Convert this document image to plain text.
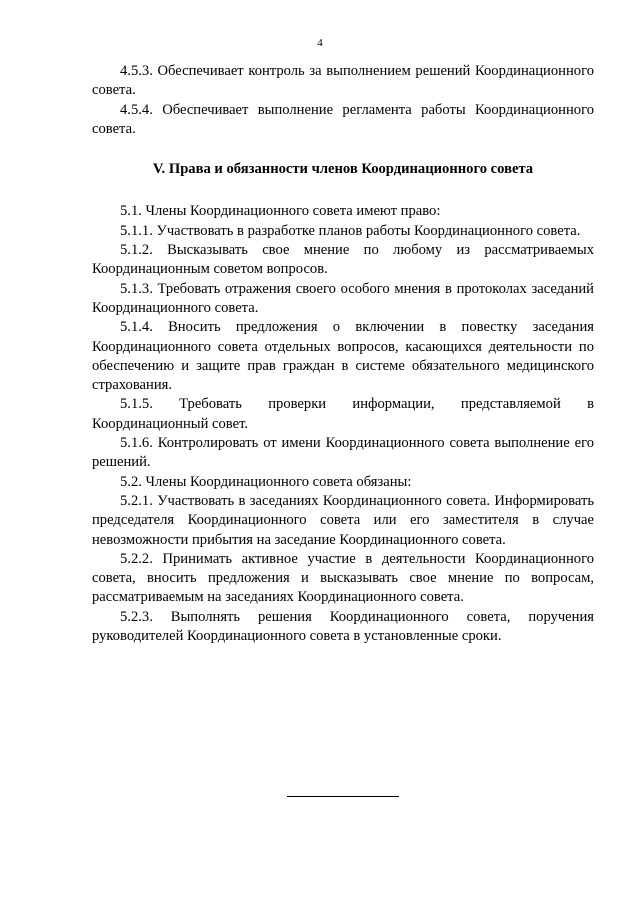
4

4.5.3. Обеспечивает контроль за выполнением решений Координационного совета.

4.5.4. Обеспечивает выполнение регламента работы Координационного совета.

V. Права и обязанности членов Координационного совета

5.1. Члены Координационного совета имеют право:

5.1.1. Участвовать в разработке планов работы Координационного совета.

5.1.2. Высказывать свое мнение по любому из рассматриваемых Координационным советом вопросов.

5.1.3. Требовать отражения своего особого мнения в протоколах заседаний Координационного совета.

5.1.4. Вносить предложения о включении в повестку заседания Координационного совета отдельных вопросов, касающихся деятельности по обеспечению и защите прав граждан в системе обязательного медицинского страхования.

5.1.5. Требовать проверки информации, представляемой в Координационный совет.

5.1.6. Контролировать от имени Координационного совета выполнение его решений.

5.2. Члены Координационного совета обязаны:

5.2.1. Участвовать в заседаниях Координационного совета. Информировать председателя Координационного совета или его заместителя в случае невозможности прибытия на заседание Координационного совета.

5.2.2. Принимать активное участие в деятельности Координационного совета, вносить предложения и высказывать свое мнение по вопросам, рассматриваемым на заседаниях Координационного совета.

5.2.3. Выполнять решения Координационного совета, поручения руководителей Координационного совета в установленные сроки.
